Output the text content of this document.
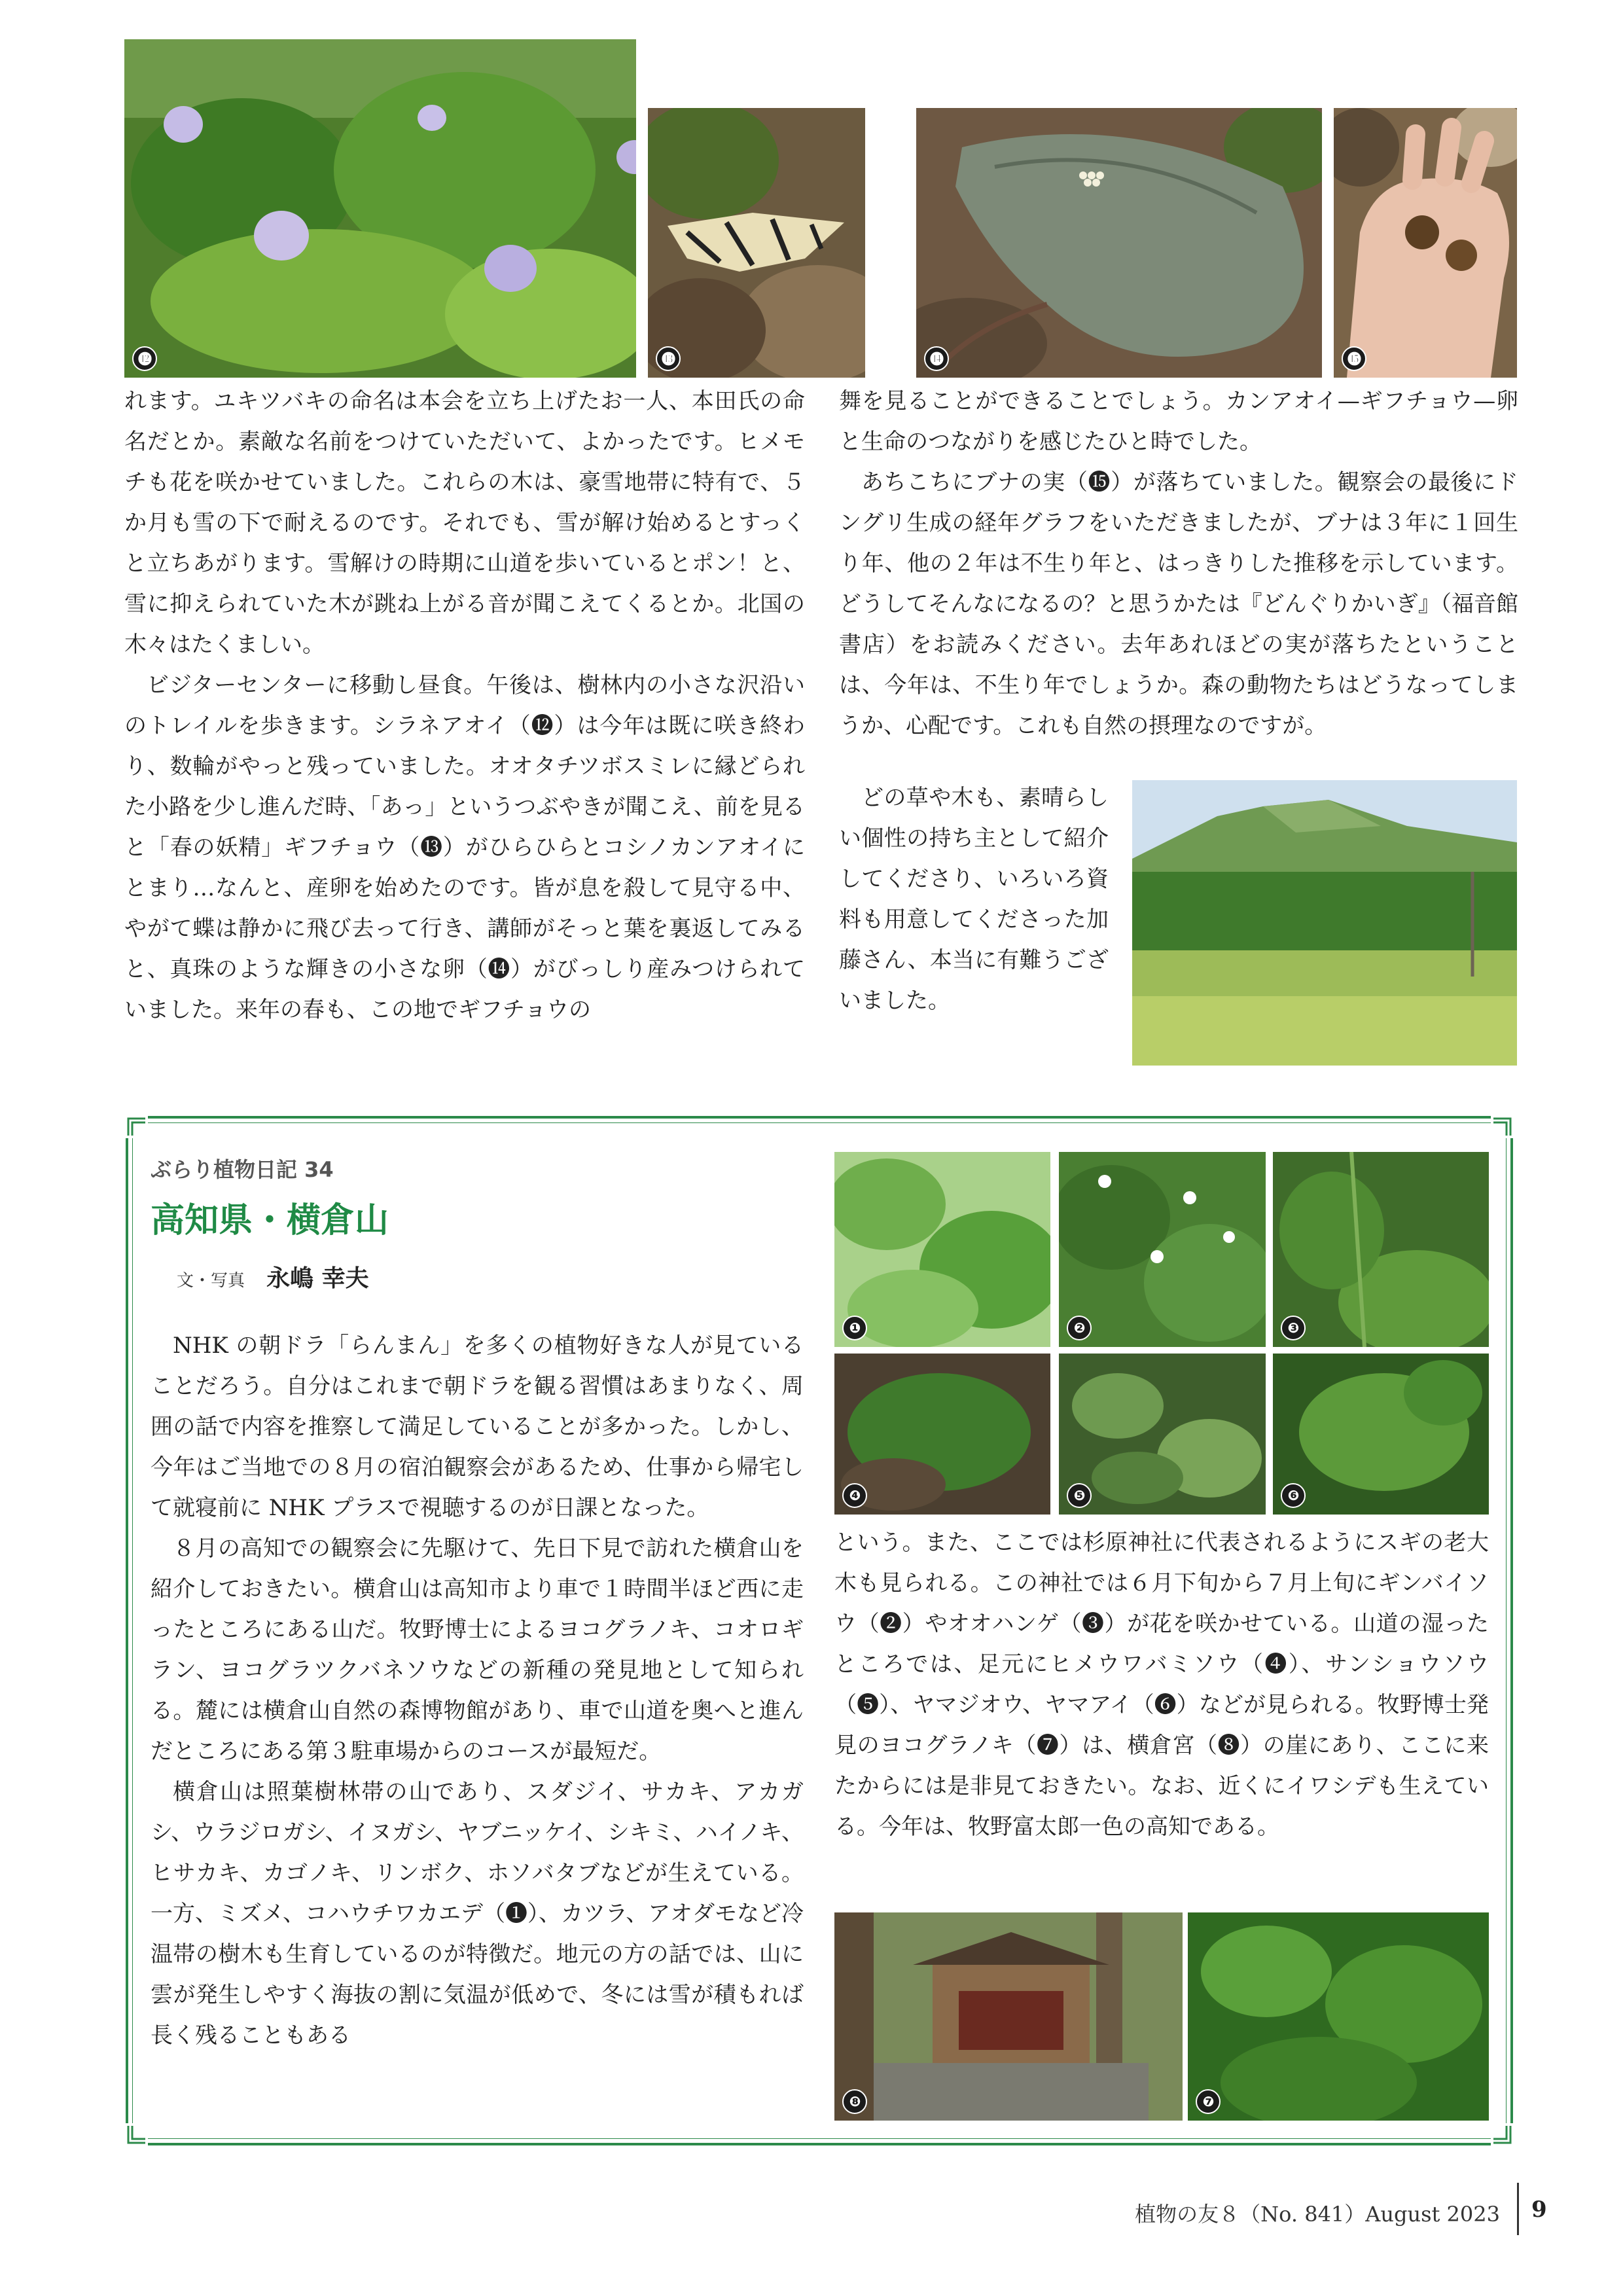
⓬	⓭	⓮	⓯

れます。ユキツバキの命名は本会を立ち上げたお一人、本田氏の命名だとか。素敵な名前をつけていただいて、よかったです。ヒメモチも花を咲かせていました。これらの木は、豪雪地帯に特有で、５か月も雪の下で耐えるのです。それでも、雪が解け始めるとすっくと立ちあがります。雪解けの時期に山道を歩いているとポン！と、雪に抑えられていた木が跳ね上がる音が聞こえてくるとか。北国の木々はたくましい。

ビジターセンターに移動し昼食。午後は、樹林内の小さな沢沿いのトレイルを歩きます。シラネアオイ（⓬）は今年は既に咲き終わり、数輪がやっと残っていました。オオタチツボスミレに縁どられた小路を少し進んだ時、「あっ」というつぶやきが聞こえ、前を見ると「春の妖精」ギフチョウ（⓭）がひらひらとコシノカンアオイにとまり…なんと、産卵を始めたのです。皆が息を殺して見守る中、やがて蝶は静かに飛び去って行き、講師がそっと葉を裏返してみると、真珠のような輝きの小さな卵（⓮）がびっしり産みつけられていました。来年の春も、この地でギフチョウの

舞を見ることができることでしょう。カンアオイ—ギフチョウ—卵と生命のつながりを感じたひと時でした。

あちこちにブナの実（⓯）が落ちていました。観察会の最後にドングリ生成の経年グラフをいただきましたが、ブナは３年に１回生り年、他の２年は不生り年と、はっきりした推移を示しています。どうしてそんなになるの？と思うかたは『どんぐりかいぎ』（福音館書店）をお読みください。去年あれほどの実が落ちたということは、今年は、不生り年でしょうか。森の動物たちはどうなってしまうか、心配です。これも自然の摂理なのですが。

どの草や木も、素晴らしい個性の持ち主として紹介してくださり、いろいろ資料も用意してくださった加藤さん、本当に有難うございました。

ぶらり植物日記 34
高知県・横倉山
文・写真 永嶋 幸夫

NHK の朝ドラ「らんまん」を多くの植物好きな人が見ていることだろう。自分はこれまで朝ドラを観る習慣はあまりなく、周囲の話で内容を推察して満足していることが多かった。しかし、今年はご当地での８月の宿泊観察会があるため、仕事から帰宅して就寝前に NHK プラスで視聴するのが日課となった。

８月の高知での観察会に先駆けて、先日下見で訪れた横倉山を紹介しておきたい。横倉山は高知市より車で１時間半ほど西に走ったところにある山だ。牧野博士によるヨコグラノキ、コオロギラン、ヨコグラツクバネソウなどの新種の発見地として知られる。麓には横倉山自然の森博物館があり、車で山道を奥へと進んだところにある第３駐車場からのコースが最短だ。

横倉山は照葉樹林帯の山であり、スダジイ、サカキ、アカガシ、ウラジロガシ、イヌガシ、ヤブニッケイ、シキミ、ハイノキ、ヒサカキ、カゴノキ、リンボク、ホソバタブなどが生えている。一方、ミズメ、コハウチワカエデ（❶）、カツラ、アオダモなど冷温帯の樹木も生育しているのが特徴だ。地元の方の話では、山に雲が発生しやすく海抜の割に気温が低めで、冬には雪が積もれば長く残ることもある

❶	❷	❸
❹	❺	❻

という。また、ここでは杉原神社に代表されるようにスギの老大木も見られる。この神社では６月下旬から７月上旬にギンバイソウ（❷）やオオハンゲ（❸）が花を咲かせている。山道の湿ったところでは、足元にヒメウワバミソウ（❹）、サンショウソウ（❺）、ヤマジオウ、ヤマアイ（❻）などが見られる。牧野博士発見のヨコグラノキ（❼）は、横倉宮（❽）の崖にあり、ここに来たからには是非見ておきたい。なお、近くにイワシデも生えている。今年は、牧野富太郎一色の高知である。

❽	❼
植物の友８（No. 841）August 2023 9
